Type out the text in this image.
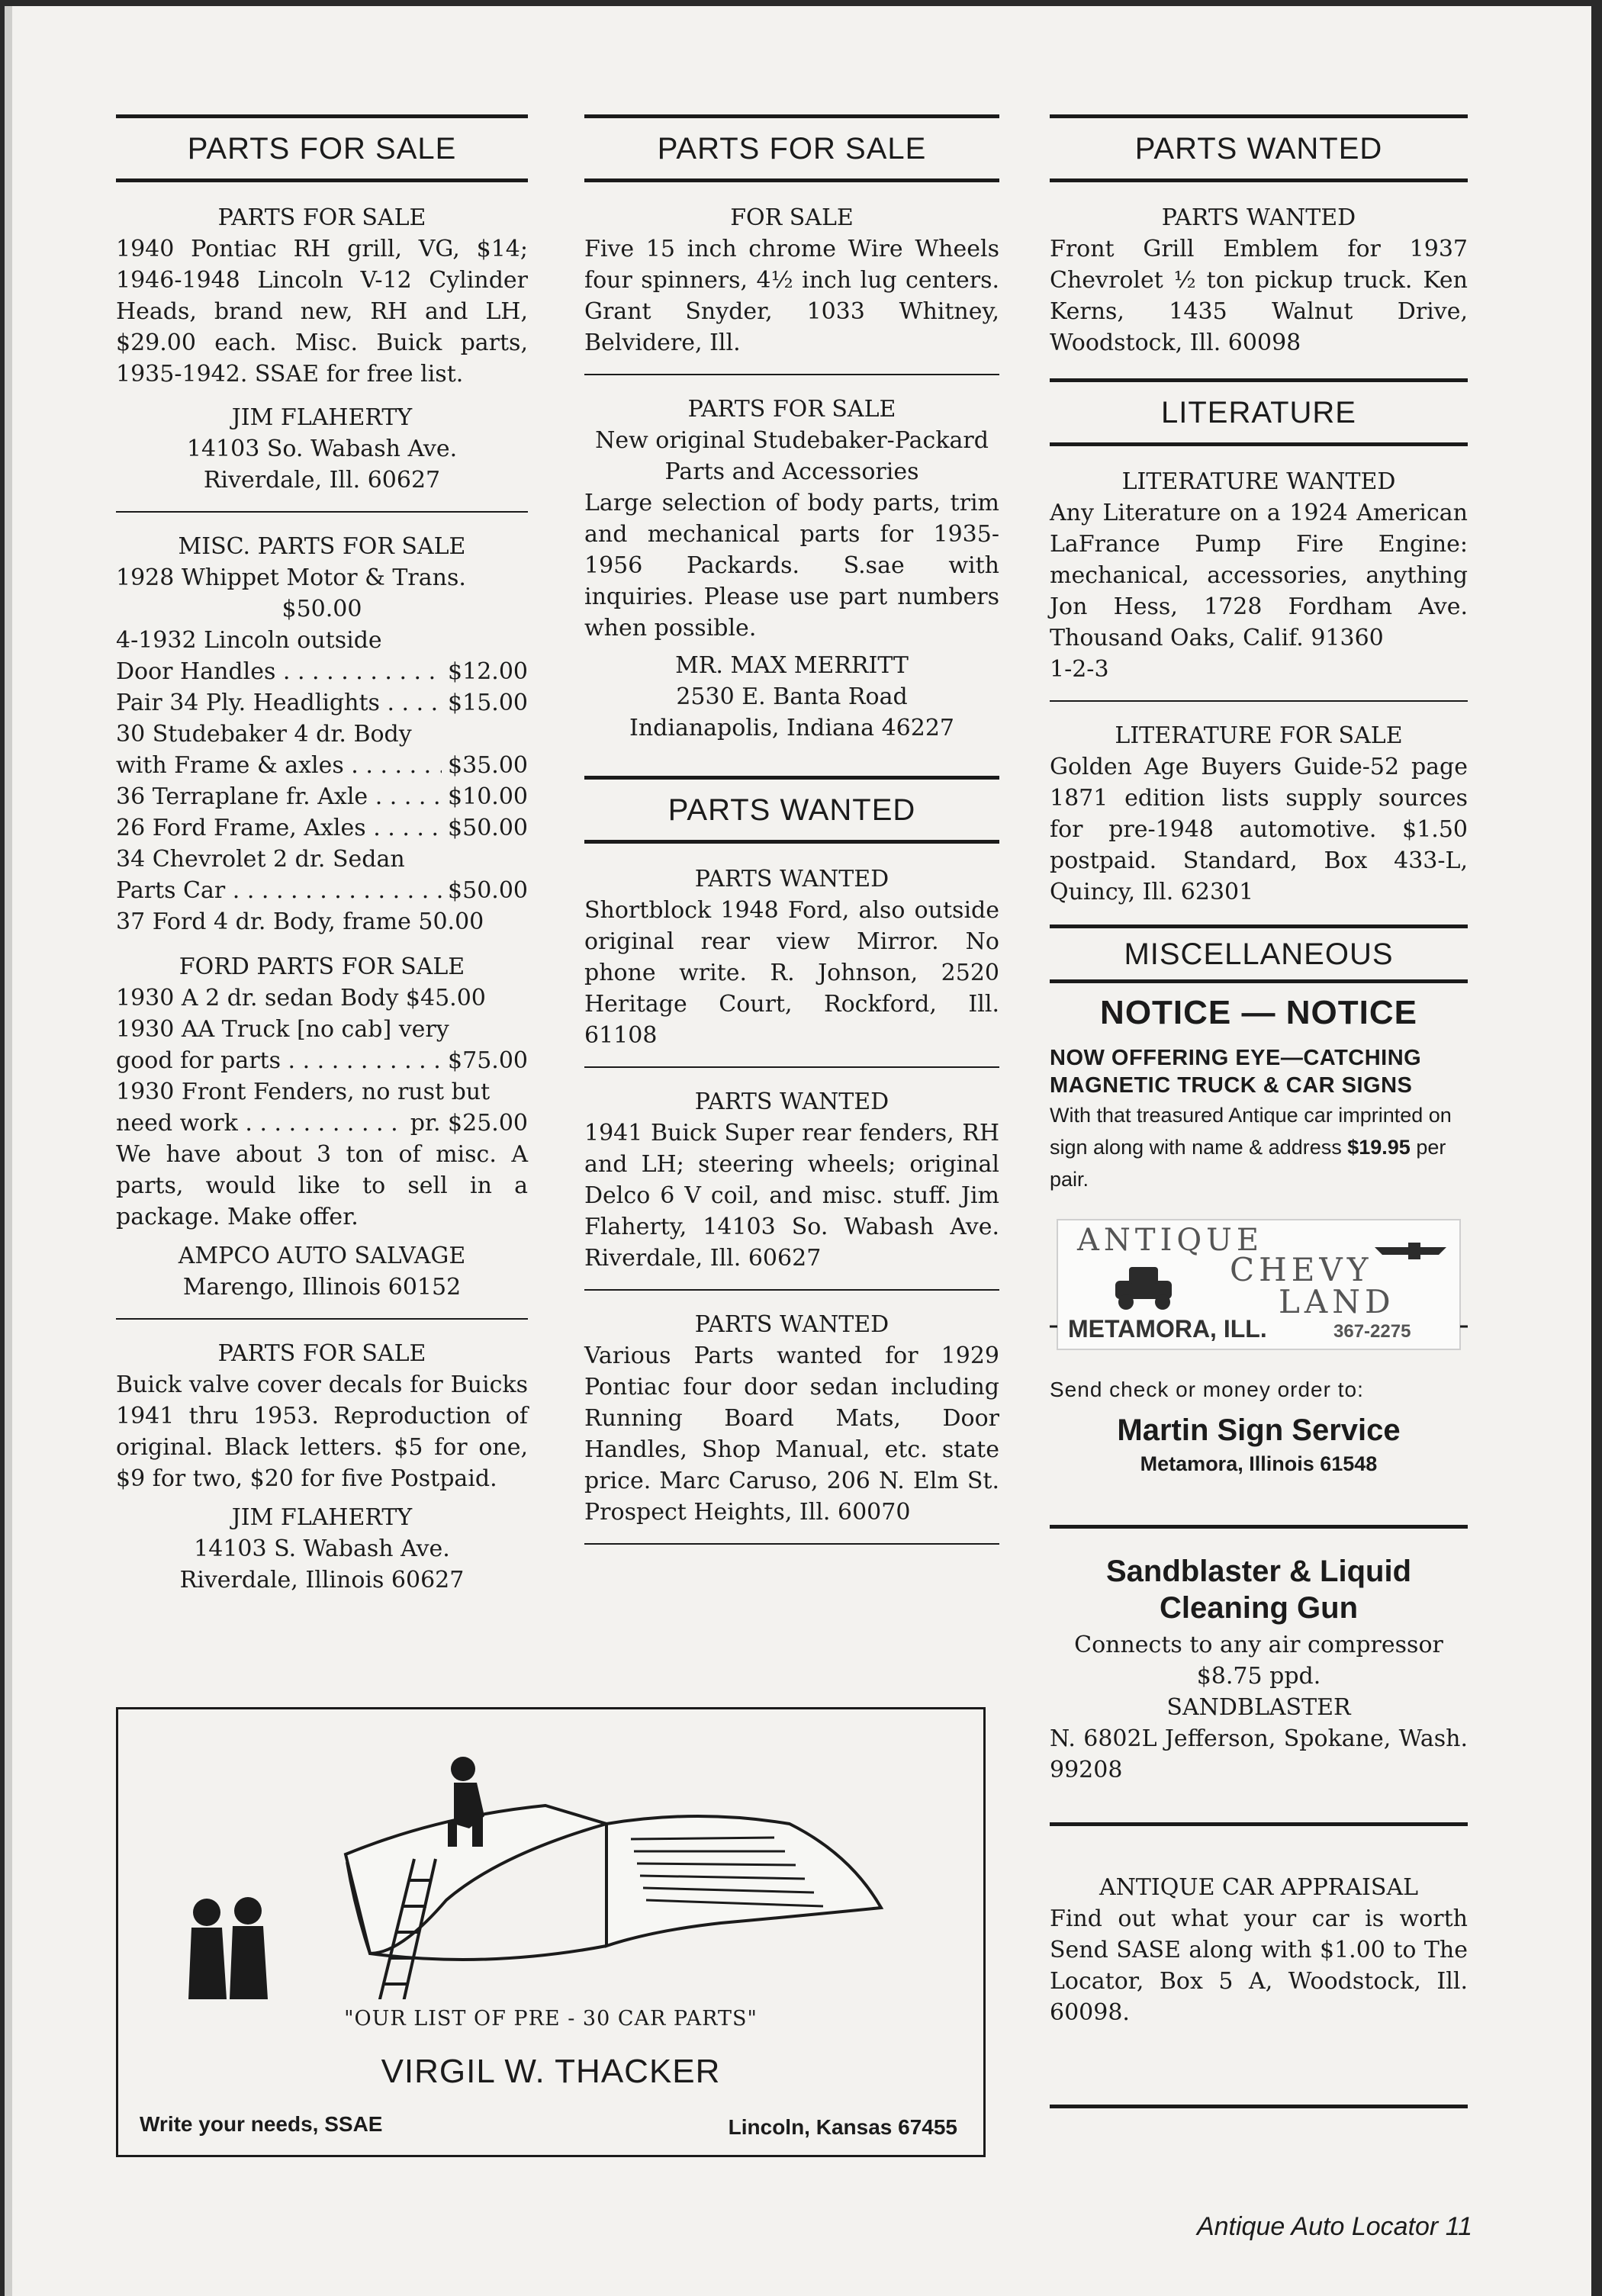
PARTS FOR SALE
PARTS FOR SALE
1940 Pontiac RH grill, VG, $14; 1946-1948 Lincoln V-12 Cylinder Heads, brand new, RH and LH, $29.00 each. Misc. Buick parts, 1935-1942. SSAE for free list.
JIM FLAHERTY
14103 So. Wabash Ave.
Riverdale, Ill. 60627
MISC. PARTS FOR SALE
1928 Whippet Motor & Trans.
$50.00
4-1932 Lincoln outside
Door Handles . . .	$12.00
Pair 34 Ply. Headlights . . .	$15.00
30 Studebaker 4 dr. Body
with Frame & axles . . .	$35.00
36 Terraplane fr. Axle . . .	$10.00
26 Ford Frame, Axles . . .	$50.00
34 Chevrolet 2 dr. Sedan
Parts Car . . .	$50.00
37 Ford 4 dr. Body, frame 50.00
FORD PARTS FOR SALE
1930 A 2 dr. sedan Body $45.00
1930 AA Truck [no cab] very
good for parts . . .	$75.00
1930 Front Fenders, no rust but
need work . . .	pr. $25.00
We have about 3 ton of misc. A parts, would like to sell in a package. Make offer.
AMPCO AUTO SALVAGE
Marengo, Illinois 60152
PARTS FOR SALE
Buick valve cover decals for Buicks 1941 thru 1953. Reproduction of original. Black letters. $5 for one, $9 for two, $20 for five Postpaid.
JIM FLAHERTY
14103 S. Wabash Ave.
Riverdale, Illinois 60627
PARTS FOR SALE
FOR SALE
Five 15 inch chrome Wire Wheels four spinners, 4½ inch lug centers. Grant Snyder, 1033 Whitney, Belvidere, Ill.
PARTS FOR SALE
New original Studebaker-Packard
Parts and Accessories
Large selection of body parts, trim and mechanical parts for 1935-1956 Packards. S.sae with inquiries. Please use part numbers when possible.
MR. MAX MERRITT
2530 E. Banta Road
Indianapolis, Indiana 46227
PARTS WANTED
PARTS WANTED
Shortblock 1948 Ford, also outside original rear view Mirror. No phone write. R. Johnson, 2520 Heritage Court, Rockford, Ill. 61108
PARTS WANTED
1941 Buick Super rear fenders, RH and LH; steering wheels; original Delco 6 V coil, and misc. stuff. Jim Flaherty, 14103 So. Wabash Ave. Riverdale, Ill. 60627
PARTS WANTED
Various Parts wanted for 1929 Pontiac four door sedan including Running Board Mats, Door Handles, Shop Manual, etc. state price. Marc Caruso, 206 N. Elm St. Prospect Heights, Ill. 60070
PARTS WANTED
PARTS WANTED
Front Grill Emblem for 1937 Chevrolet ½ ton pickup truck. Ken Kerns, 1435 Walnut Drive, Woodstock, Ill. 60098
LITERATURE
LITERATURE WANTED
Any Literature on a 1924 American LaFrance Pump Fire Engine: mechanical, accessories, anything Jon Hess, 1728 Fordham Ave. Thousand Oaks, Calif. 91360
1-2-3
LITERATURE FOR SALE
Golden Age Buyers Guide-52 page 1871 edition lists supply sources for pre-1948 automotive. $1.50 postpaid. Standard, Box 433-L, Quincy, Ill. 62301
MISCELLANEOUS
NOTICE — NOTICE
NOW OFFERING EYE—CATCHING
MAGNETIC TRUCK & CAR SIGNS
With that treasured Antique car imprinted on sign along with name & address $19.95 per pair.
ANTIQUE
CHEVY
LAND
METAMORA, ILL.	367-2275
Send check or money order to:
Martin Sign Service
Metamora, Illinois 61548
Sandblaster & Liquid
Cleaning Gun
Connects to any air compressor
$8.75 ppd.
SANDBLASTER
N. 6802L Jefferson, Spokane, Wash. 99208
ANTIQUE CAR APPRAISAL
Find out what your car is worth Send SASE along with $1.00 to The Locator, Box 5 A, Woodstock, Ill. 60098.
"OUR LIST OF PRE - 30 CAR PARTS"
VIRGIL W. THACKER
Write your needs, SSAE	Lincoln, Kansas 67455
Antique Auto Locator 11
